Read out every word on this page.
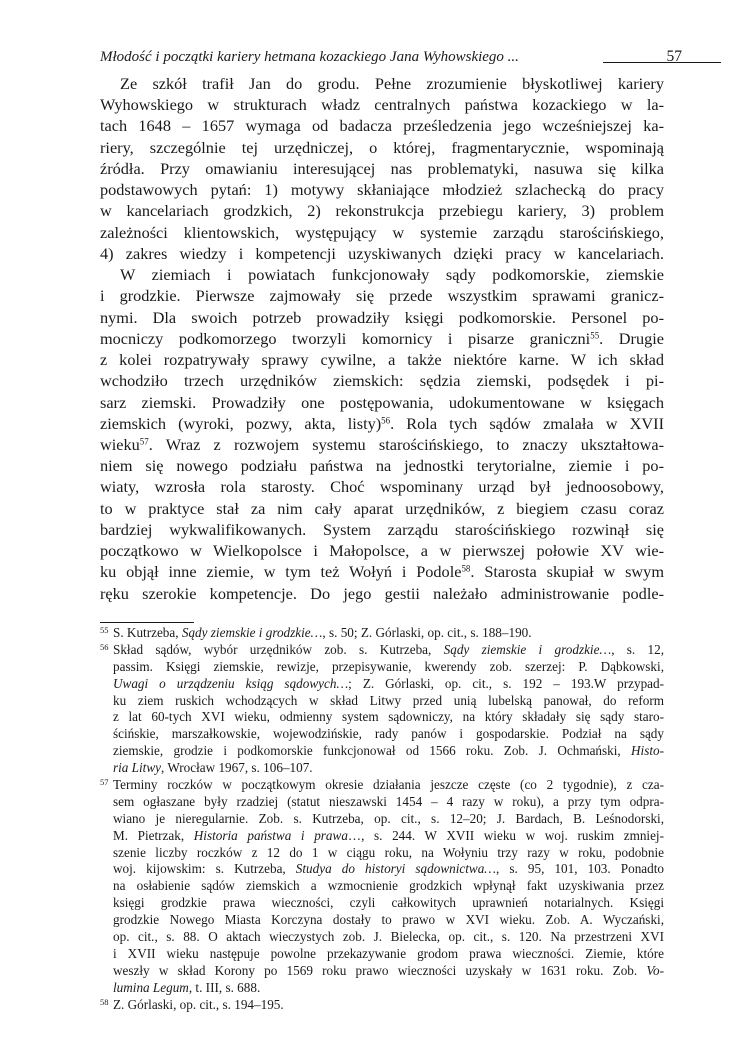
Młodość i początki kariery hetmana kozackiego Jana Wyhowskiego ...	57
Ze szkół trafił Jan do grodu. Pełne zrozumienie błyskotliwej kariery
Wyhowskiego w strukturach władz centralnych państwa kozackiego w la-
tach 1648 – 1657 wymaga od badacza prześledzenia jego wcześniejszej ka-
riery, szczególnie tej urzędniczej, o której, fragmentarycznie, wspominają
źródła. Przy omawianiu interesującej nas problematyki, nasuwa się kilka
podstawowych pytań: 1) motywy skłaniające młodzież szlachecką do pracy
w kancelariach grodzkich, 2) rekonstrukcja przebiegu kariery, 3) problem
zależności klientowskich, występujący w systemie zarządu starościńskiego,
4) zakres wiedzy i kompetencji uzyskiwanych dzięki pracy w kancelariach.
W ziemiach i powiatach funkcjonowały sądy podkomorskie, ziemskie
i grodzkie. Pierwsze zajmowały się przede wszystkim sprawami granicz-
nymi. Dla swoich potrzeb prowadziły księgi podkomorskie. Personel po-
mocniczy podkomorzego tworzyli komornicy i pisarze graniczni$^{55}$. Drugie
z kolei rozpatrywały sprawy cywilne, a także niektóre karne. W ich skład
wchodziło trzech urzędników ziemskich: sędzia ziemski, podsędek i pi-
sarz ziemski. Prowadziły one postępowania, udokumentowane w księgach
ziemskich (wyroki, pozwy, akta, listy)$^{56}$. Rola tych sądów zmalała w XVII
wieku$^{57}$. Wraz z rozwojem systemu starościńskiego, to znaczy ukształtowa-
niem się nowego podziału państwa na jednostki terytorialne, ziemie i po-
wiaty, wzrosła rola starosty. Choć wspominany urząd był jednoosobowy,
to w praktyce stał za nim cały aparat urzędników, z biegiem czasu coraz
bardziej wykwalifikowanych. System zarządu starościńskiego rozwinął się
początkowo w Wielkopolsce i Małopolsce, a w pierwszej połowie XV wie-
ku objął inne ziemie, w tym też Wołyń i Podole$^{58}$. Starosta skupiał w swym
ręku szerokie kompetencje. Do jego gestii należało administrowanie podle-
55 S. Kutrzeba, Sądy ziemskie i grodzkie…, s. 50; Z. Górlaski, op. cit., s. 188–190.
56 Skład sądów, wybór urzędników zob. s. Kutrzeba, Sądy ziemskie i grodzkie…, s. 12,
passim. Księgi ziemskie, rewizje, przepisywanie, kwerendy zob. szerzej: P. Dąbkowski,
Uwagi o urządzeniu ksiąg sądowych…; Z. Górlaski, op. cit., s. 192 – 193.W przypad-
ku ziem ruskich wchodzących w skład Litwy przed unią lubelską panował, do reform
z lat 60-tych XVI wieku, odmienny system sądowniczy, na który składały się sądy staro-
ścińskie, marszałkowskie, wojewodzińskie, rady panów i gospodarskie. Podział na sądy
ziemskie, grodzie i podkomorskie funkcjonował od 1566 roku. Zob. J. Ochmański, Histo-
ria Litwy, Wrocław 1967, s. 106–107.
57 Terminy roczków w początkowym okresie działania jeszcze częste (co 2 tygodnie), z cza-
sem ogłaszane były rzadziej (statut nieszawski 1454 – 4 razy w roku), a przy tym odpra-
wiano je nieregularnie. Zob. s. Kutrzeba, op. cit., s. 12–20; J. Bardach, B. Leśnodorski,
M. Pietrzak, Historia państwa i prawa…, s. 244. W XVII wieku w woj. ruskim zmniej-
szenie liczby roczków z 12 do 1 w ciągu roku, na Wołyniu trzy razy w roku, podobnie
woj. kijowskim: s. Kutrzeba, Studya do historyi sądownictwa…, s. 95, 101, 103. Ponadto
na osłabienie sądów ziemskich a wzmocnienie grodzkich wpłynął fakt uzyskiwania przez
księgi grodzkie prawa wieczności, czyli całkowitych uprawnień notarialnych. Księgi
grodzkie Nowego Miasta Korczyna dostały to prawo w XVI wieku. Zob. A. Wyczański,
op. cit., s. 88. O aktach wieczystych zob. J. Bielecka, op. cit., s. 120. Na przestrzeni XVI
i XVII wieku następuje powolne przekazywanie grodom prawa wieczności. Ziemie, które
weszły w skład Korony po 1569 roku prawo wieczności uzyskały w 1631 roku. Zob. Vo-
lumina Legum, t. III, s. 688.
58 Z. Górlaski, op. cit., s. 194–195.
